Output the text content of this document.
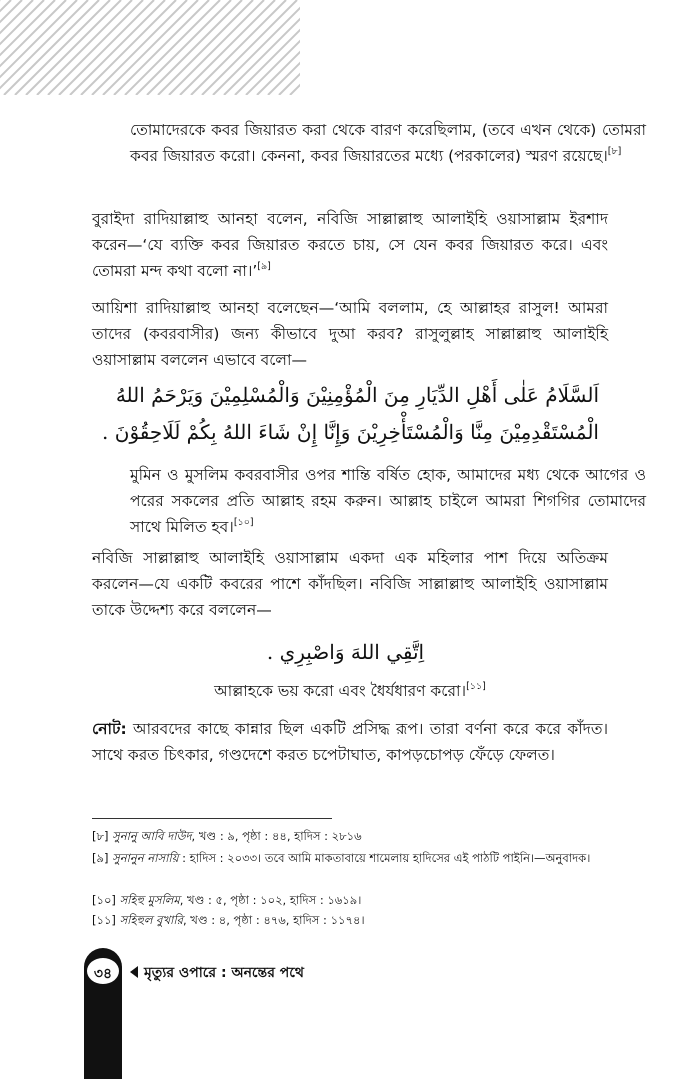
তোমাদেরকে কবর জিয়ারত করা থেকে বারণ করেছিলাম, (তবে এখন থেকে) তোমরা কবর জিয়ারত করো। কেননা, কবর জিয়ারতের মধ্যে (পরকালের) স্মরণ রয়েছে।[৮]
বুরাইদা রাদিয়াল্লাহু আনহা বলেন, নবিজি সাল্লাল্লাহু আলাইহি ওয়াসাল্লাম ইরশাদ করেন—‘যে ব্যক্তি কবর জিয়ারত করতে চায়, সে যেন কবর জিয়ারত করে। এবং তোমরা মন্দ কথা বলো না।’[৯]
আয়িশা রাদিয়াল্লাহু আনহা বলেছেন—‘আমি বললাম, হে আল্লাহর রাসুল! আমরা তাদের (কবরবাসীর) জন্য কীভাবে দুআ করব? রাসুলুল্লাহ সাল্লাল্লাহু আলাইহি ওয়াসাল্লাম বললেন এভাবে বলো—
اَلسَّلَامُ عَلٰى أَهْلِ الدِّيَارِ مِنَ الْمُؤْمِنِيْنَ وَالْمُسْلِمِيْنَ وَيَرْحَمُ اللهُ
الْمُسْتَقْدِمِيْنَ مِنَّا وَالْمُسْتَأْخِرِيْنَ وَإِنَّا إِنْ شَاءَ اللهُ بِكُمْ لَلَاحِقُوْنَ .
মুমিন ও মুসলিম কবরবাসীর ওপর শান্তি বর্ষিত হোক, আমাদের মধ্য থেকে আগের ও পরের সকলের প্রতি আল্লাহ রহম করুন। আল্লাহ চাইলে আমরা শিগগির তোমাদের সাথে মিলিত হব।[১০]
নবিজি সাল্লাল্লাহু আলাইহি ওয়াসাল্লাম একদা এক মহিলার পাশ দিয়ে অতিক্রম করলেন—যে একটি কবরের পাশে কাঁদছিল। নবিজি সাল্লাল্লাহু আলাইহি ওয়াসাল্লাম তাকে উদ্দেশ্য করে বললেন—
اِتَّقِي اللهَ وَاصْبِرِي .
আল্লাহকে ভয় করো এবং ধৈর্যধারণ করো।[১১]
নোট: আরবদের কাছে কান্নার ছিল একটি প্রসিদ্ধ রূপ। তারা বর্ণনা করে করে কাঁদত। সাথে করত চিৎকার, গণ্ডদেশে করত চপেটাঘাত, কাপড়চোপড় ফেঁড়ে ফেলত।
[৮] সুনানু আবি দাউদ, খণ্ড : ৯, পৃষ্ঠা : ৪৪, হাদিস : ২৮১৬
[৯] সুনানুন নাসায়ি : হাদিস : ২০৩৩। তবে আমি মাকতাবায়ে শামেলায় হাদিসের এই পাঠটি পাইনি।—অনুবাদক।
[১০] সহিহু মুসলিম, খণ্ড : ৫, পৃষ্ঠা : ১০২, হাদিস : ১৬১৯।
[১১] সহিহুল বুখারি, খণ্ড : ৪, পৃষ্ঠা : ৪৭৬, হাদিস : ১১৭৪।
৩৪	মৃত্যুর ওপারে : অনন্তের পথে
